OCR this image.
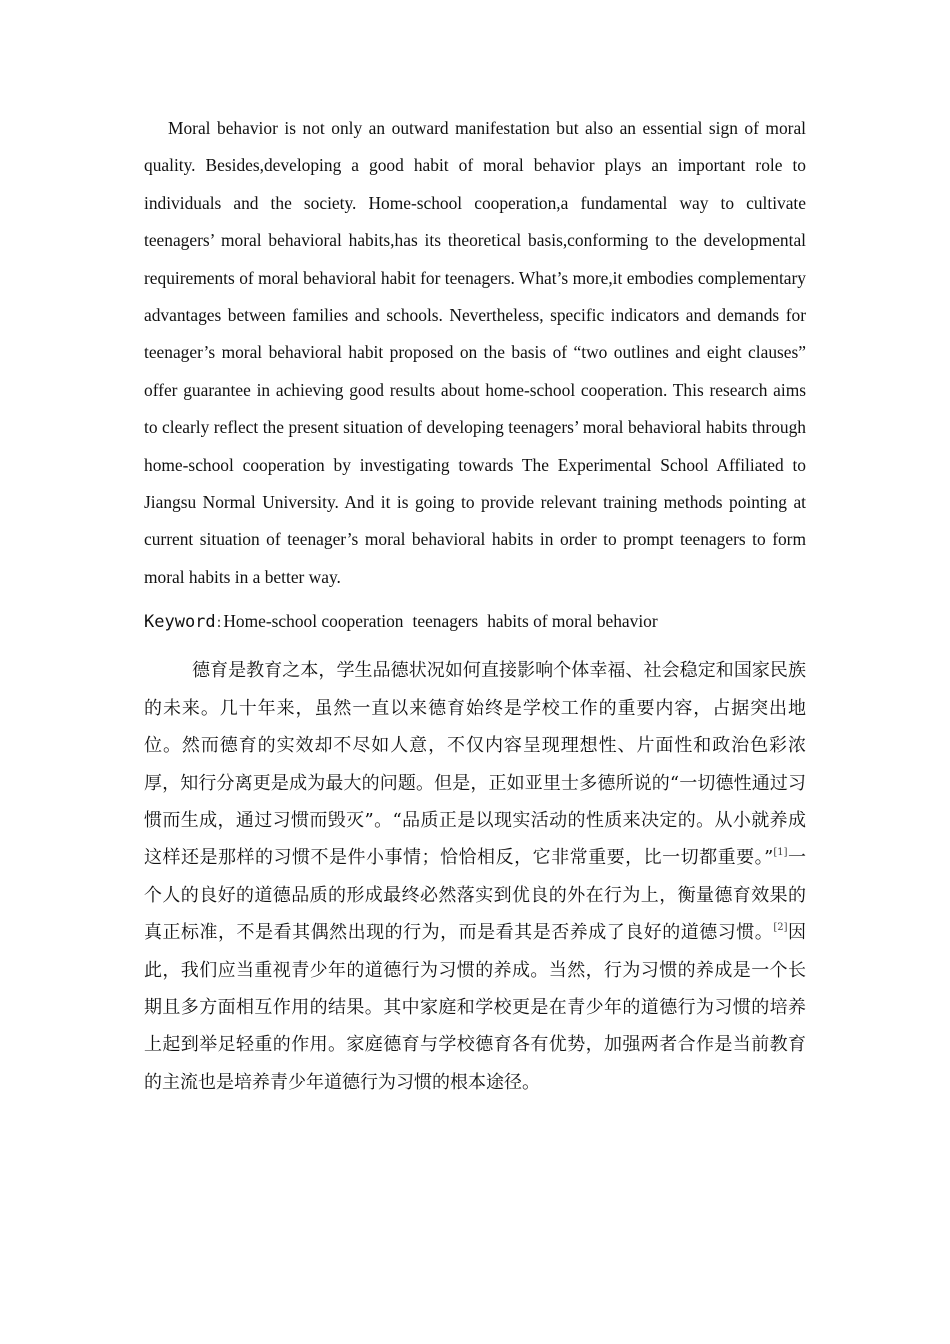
Moral behavior is not only an outward manifestation but also an essential sign of moral quality. Besides,developing a good habit of moral behavior plays an important role to individuals and the society. Home-school cooperation,a fundamental way to cultivate teenagers’ moral behavioral habits,has its theoretical basis,conforming to the developmental requirements of moral behavioral habit for teenagers. What’s more,it embodies complementary advantages between families and schools. Nevertheless, specific indicators and demands for teenager’s moral behavioral habit proposed on the basis of “two outlines and eight clauses” offer guarantee in achieving good results about home-school cooperation. This research aims to clearly reflect the present situation of developing teenagers’ moral behavioral habits through home-school cooperation by investigating towards The Experimental School Affiliated to Jiangsu Normal University. And it is going to provide relevant training methods pointing at current situation of teenager’s moral behavioral habits in order to prompt teenagers to form moral habits in a better way.

Keyword: Home-school cooperation teenagers habits of moral behavior

德育是教育之本，学生品德状况如何直接影响个体幸福、社会稳定和国家民族的未来。几十年来，虽然一直以来德育始终是学校工作的重要内容，占据突出地位。然而德育的实效却不尽如人意，不仅内容呈现理想性、片面性和政治色彩浓厚，知行分离更是成为最大的问题。但是，正如亚里士多德所说的“一切德性通过习惯而生成，通过习惯而毁灭”。“品质正是以现实活动的性质来决定的。从小就养成这样还是那样的习惯不是件小事情；恰恰相反，它非常重要，比一切都重要。”[1]一个人的良好的道德品质的形成最终必然落实到优良的外在行为上，衡量德育效果的真正标准，不是看其偶然出现的行为，而是看其是否养成了良好的道德习惯。[2]因此，我们应当重视青少年的道德行为习惯的养成。当然，行为习惯的养成是一个长期且多方面相互作用的结果。其中家庭和学校更是在青少年的道德行为习惯的培养上起到举足轻重的作用。家庭德育与学校德育各有优势，加强两者合作是当前教育的主流也是培养青少年道德行为习惯的根本途径。
